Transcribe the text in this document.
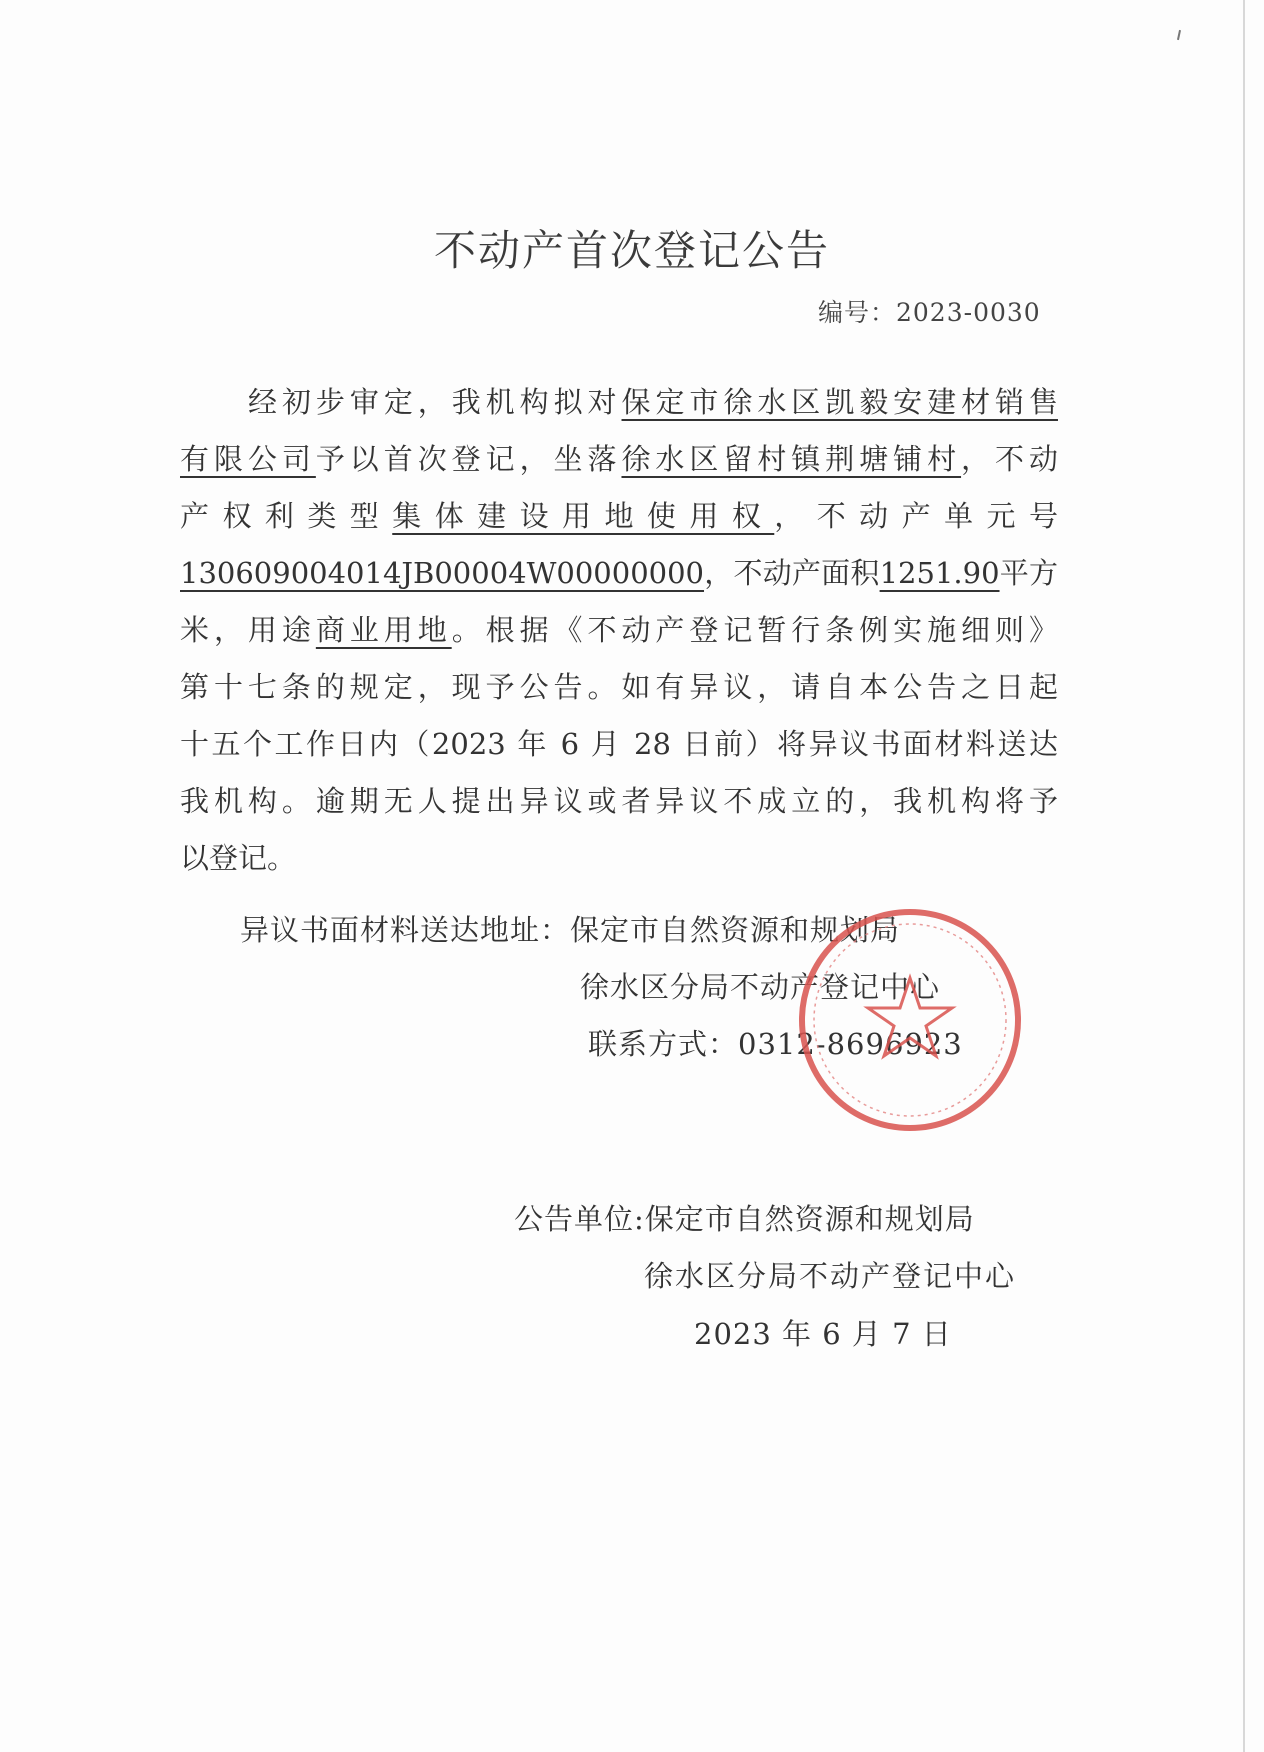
不动产首次登记公告
编号：2023-0030
经初步审定，我机构拟对保定市徐水区凯毅安建材销售
有限公司予以首次登记，坐落徐水区留村镇荆塘铺村，不动
产权利类型集体建设用地使用权，不动产单元号
130609004014JB00004W00000000，不动产面积1251.90平方
米，用途商业用地。根据《不动产登记暂行条例实施细则》
第十七条的规定，现予公告。如有异议，请自本公告之日起
十五个工作日内（2023 年 6 月 28 日前）将异议书面材料送达
我机构。逾期无人提出异议或者异议不成立的，我机构将予
以登记。
异议书面材料送达地址：保定市自然资源和规划局
徐水区分局不动产登记中心
联系方式：0312-8696923
公告单位:保定市自然资源和规划局
徐水区分局不动产登记中心
2023 年 6 月 7 日
